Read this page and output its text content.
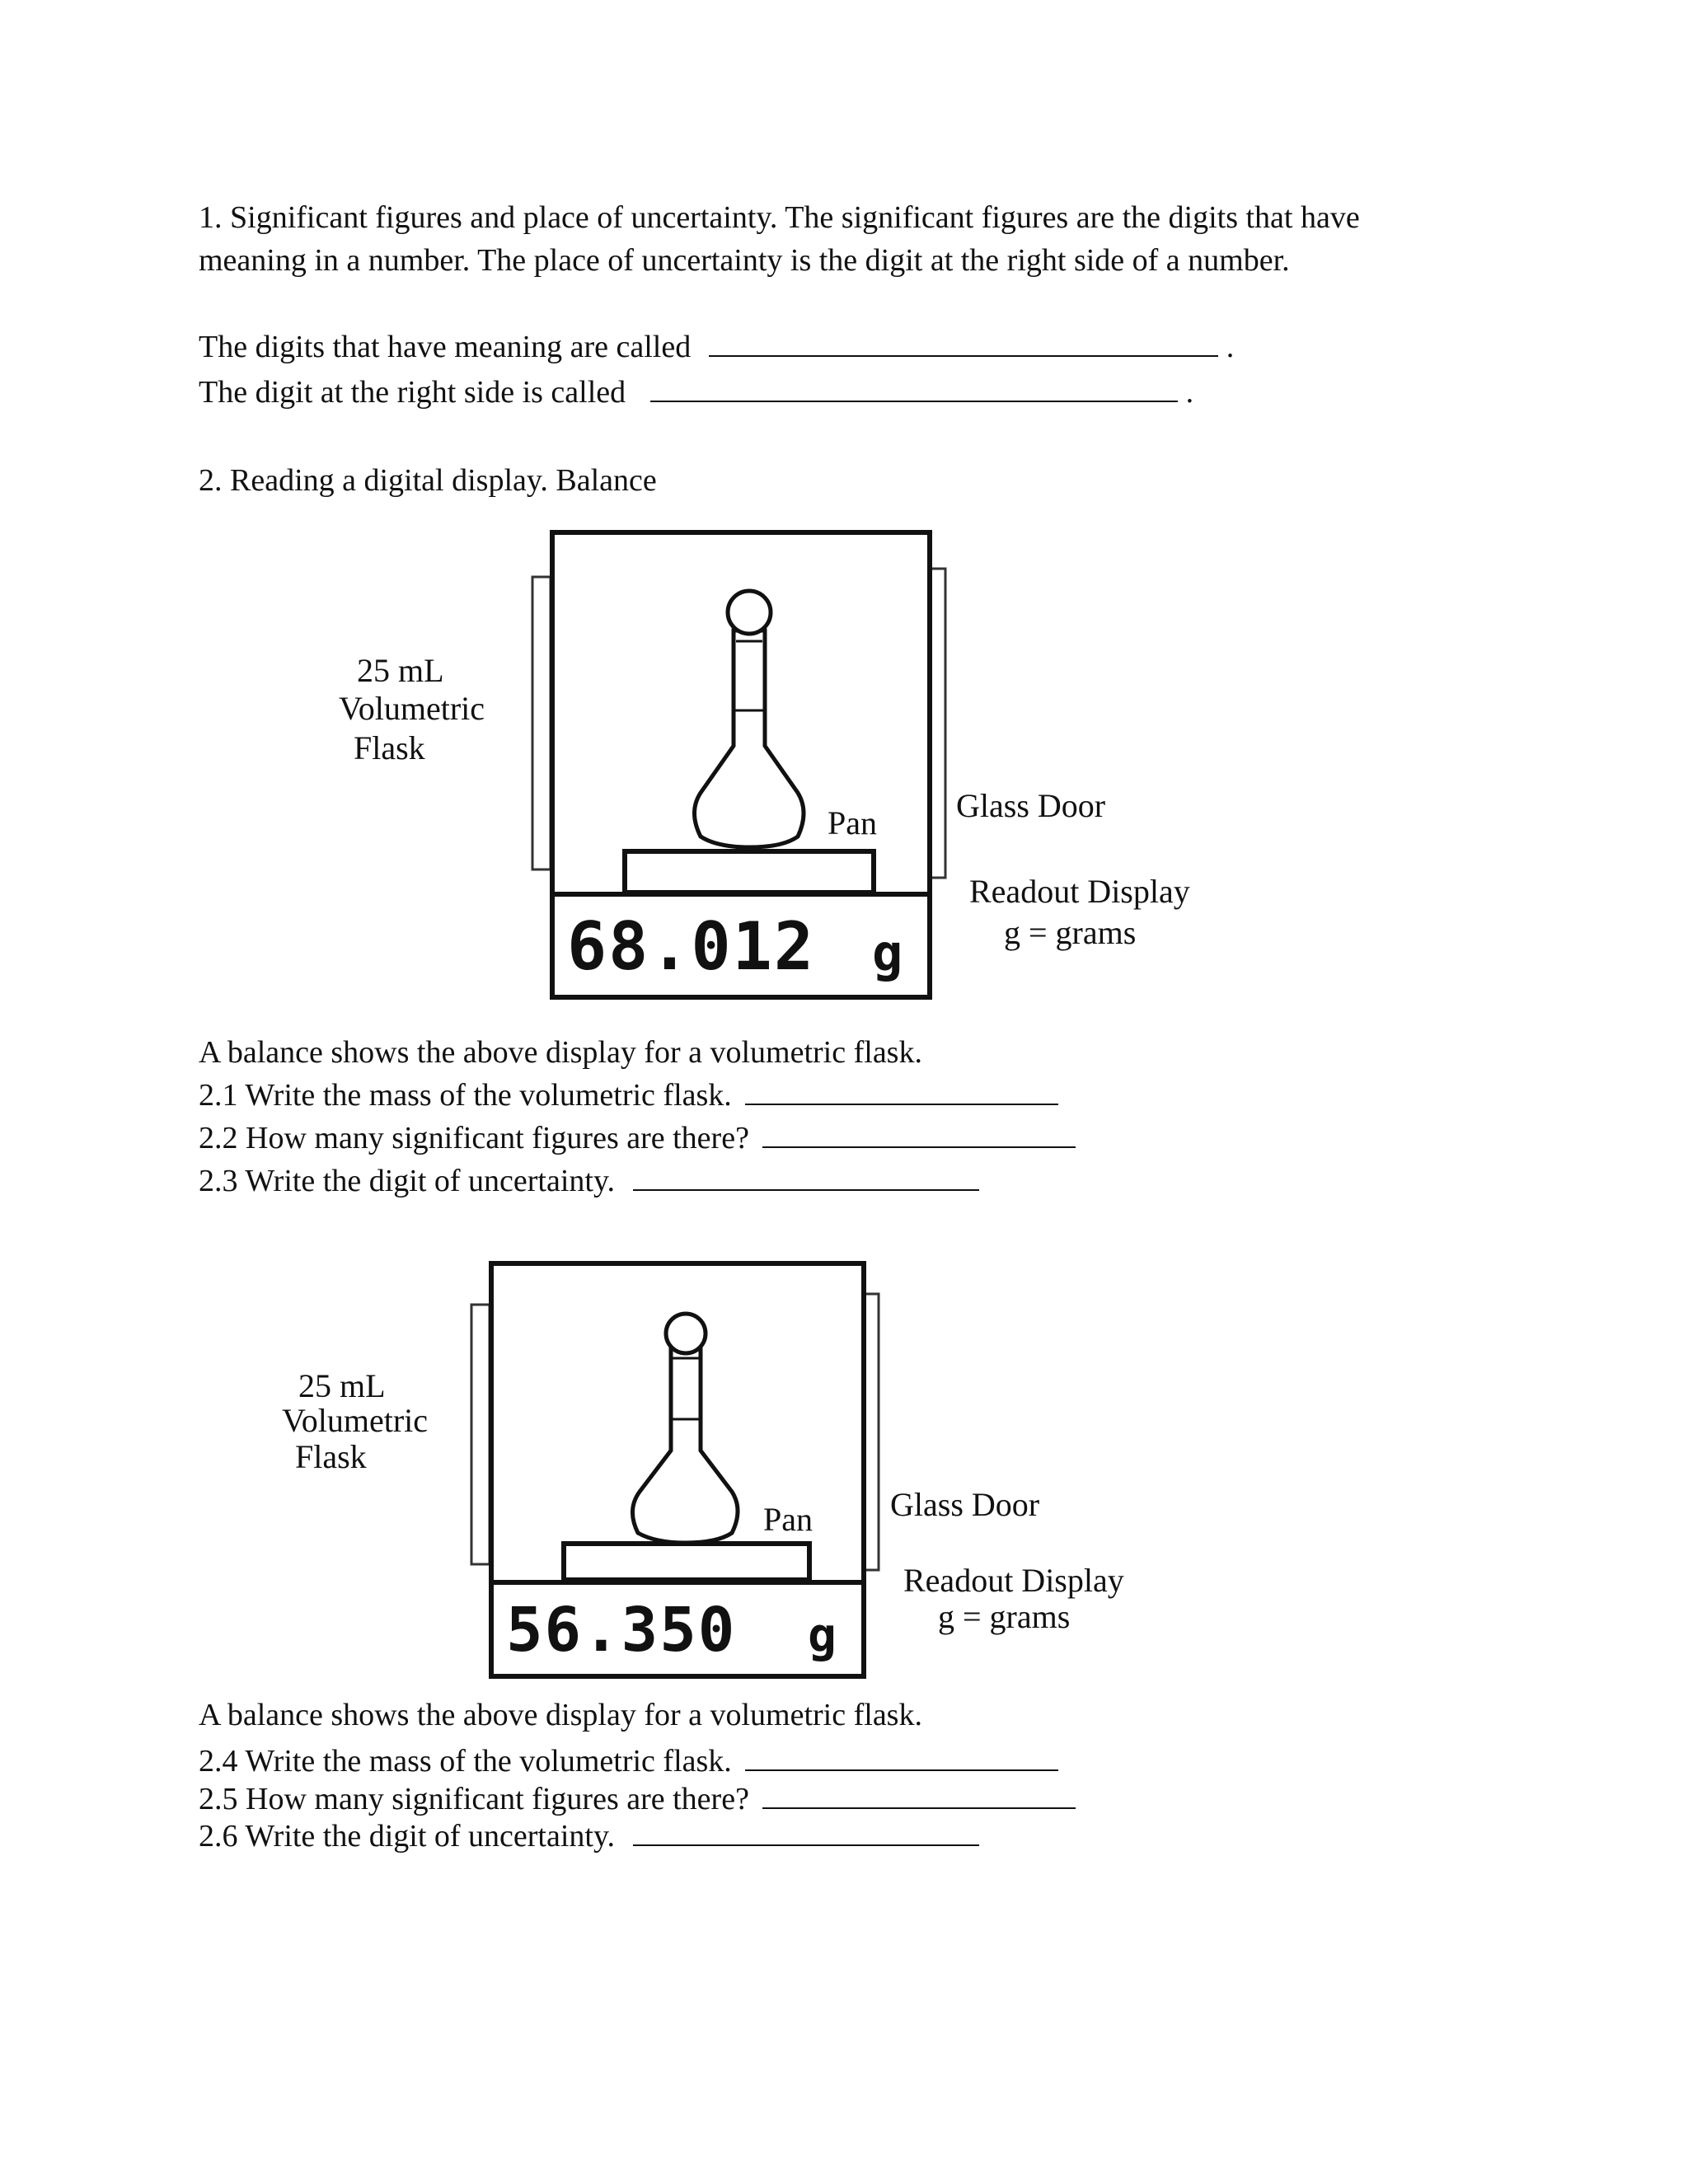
1. Significant figures and place of uncertainty. The significant figures are the digits that have
meaning in a number. The place of uncertainty is the digit at the right side of a number.
The digits that have meaning are called	.
The digit at the right side is called	.
2. Reading a digital display. Balance
68.012 g
25 mL
Volumetric
Flask
Pan Glass Door
Readout Display
g = grams
A balance shows the above display for a volumetric flask.
2.1 Write the mass of the volumetric flask.
2.2 How many significant figures are there?
2.3 Write the digit of uncertainty.
56.350 g
25 mL
Volumetric
Flask
Pan Glass Door
Readout Display
g = grams
A balance shows the above display for a volumetric flask.
2.4 Write the mass of the volumetric flask.
2.5 How many significant figures are there?
2.6 Write the digit of uncertainty.
